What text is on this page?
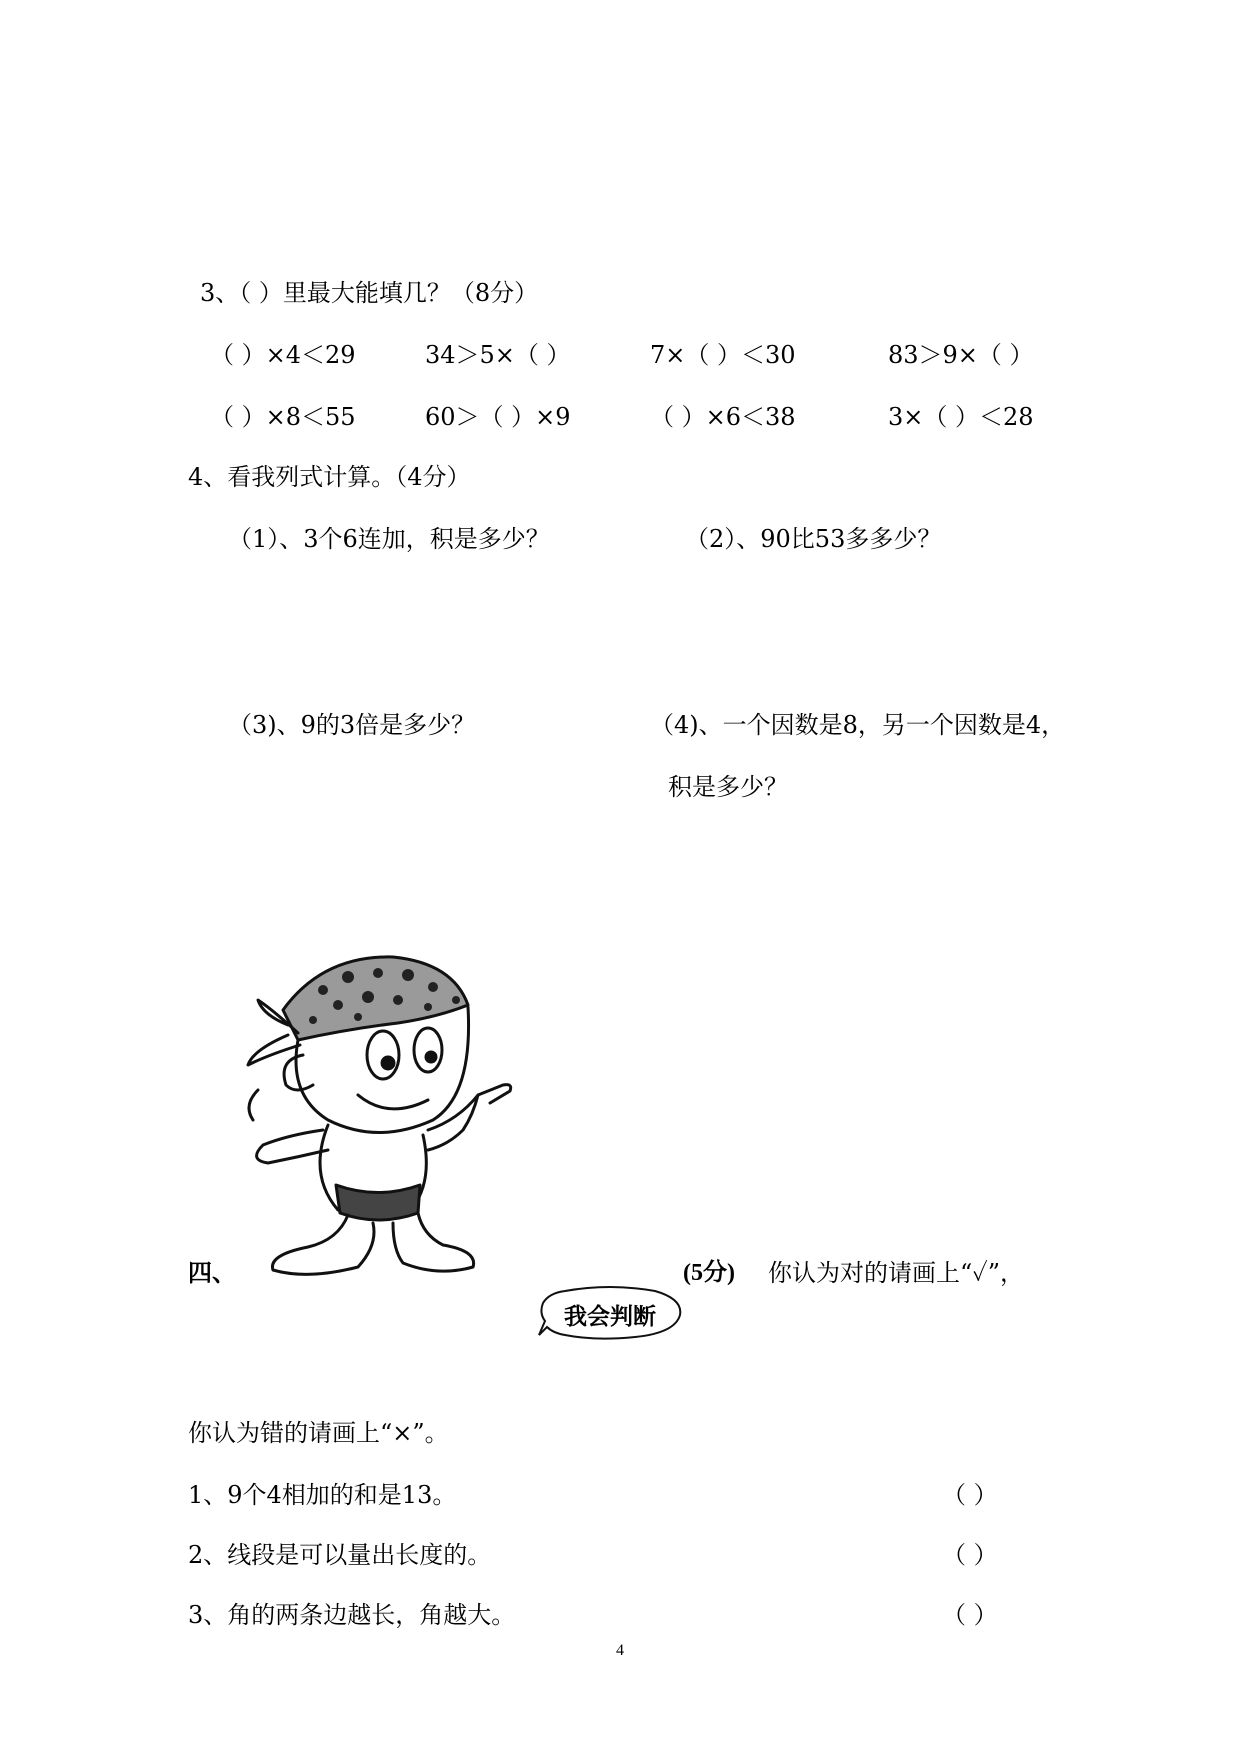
3、（ ）里最大能填几？（8分）
（ ）×4＜29	34＞5×（ ）	7×（ ）＜30	83＞9×（ ）
（ ）×8＜55	60＞（ ）×9	（ ）×6＜38	3×（ ）＜28
4、看我列式计算。（4分）
（1）、3个6连加，积是多少？	（2）、90比53多多少？
（3)、9的3倍是多少？	（4)、一个因数是8，另一个因数是4，
积是多少？
四、	(5分) 你认为对的请画上“✓”，
我会判断
你认为错的请画上“×”。
1、9个4相加的和是13。	（ ）
2、线段是可以量出长度的。	（ ）
3、角的两条边越长，角越大。	（ ）
4
